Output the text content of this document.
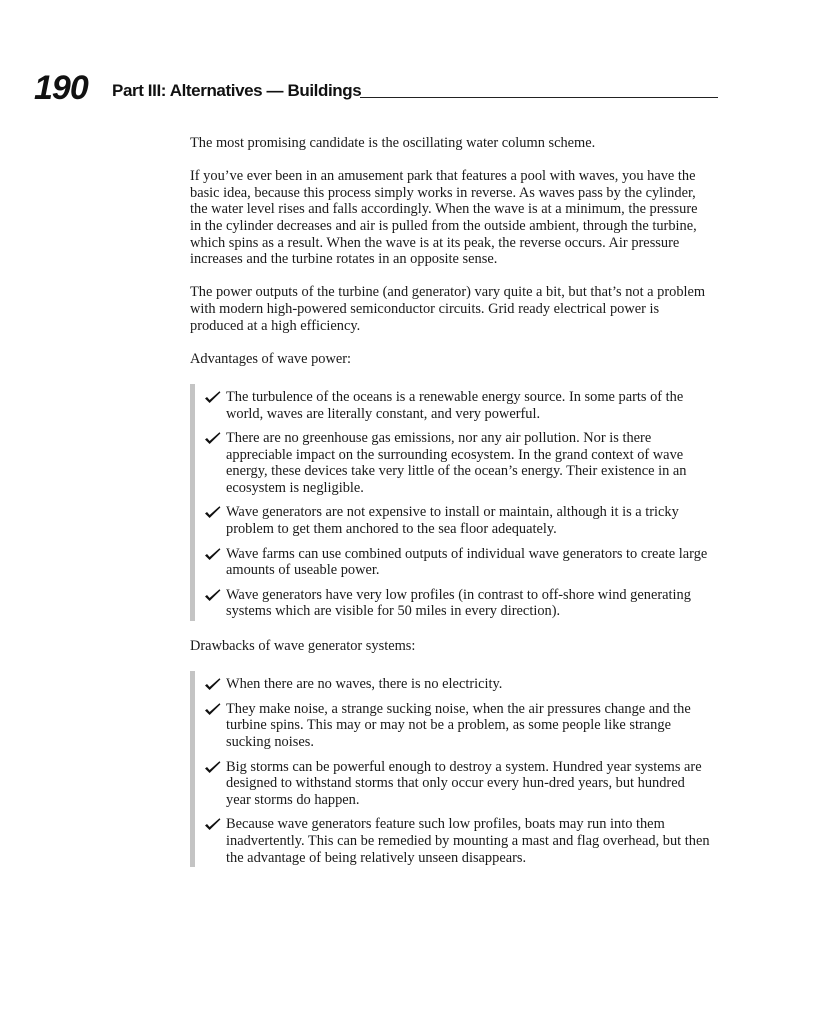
190 Part III: Alternatives — Buildings

The most promising candidate is the oscillating water column scheme.

If you’ve ever been in an amusement park that features a pool with waves, you have the basic idea, because this process simply works in reverse. As waves pass by the cylinder, the water level rises and falls accordingly. When the wave is at a minimum, the pressure in the cylinder decreases and air is pulled from the outside ambient, through the turbine, which spins as a result. When the wave is at its peak, the reverse occurs. Air pressure increases and the turbine rotates in an opposite sense.

The power outputs of the turbine (and generator) vary quite a bit, but that’s not a problem with modern high-powered semiconductor circuits. Grid ready electrical power is produced at a high efficiency.

Advantages of wave power:

The turbulence of the oceans is a renewable energy source. In some parts of the world, waves are literally constant, and very powerful.
There are no greenhouse gas emissions, nor any air pollution. Nor is there appreciable impact on the surrounding ecosystem. In the grand context of wave energy, these devices take very little of the ocean’s energy. Their existence in an ecosystem is negligible.
Wave generators are not expensive to install or maintain, although it is a tricky problem to get them anchored to the sea floor adequately.
Wave farms can use combined outputs of individual wave generators to create large amounts of useable power.
Wave generators have very low profiles (in contrast to off-shore wind generating systems which are visible for 50 miles in every direction).

Drawbacks of wave generator systems:

When there are no waves, there is no electricity.
They make noise, a strange sucking noise, when the air pressures change and the turbine spins. This may or may not be a problem, as some people like strange sucking noises.
Big storms can be powerful enough to destroy a system. Hundred year systems are designed to withstand storms that only occur every hun-dred years, but hundred year storms do happen.
Because wave generators feature such low profiles, boats may run into them inadvertently. This can be remedied by mounting a mast and flag overhead, but then the advantage of being relatively unseen disappears.
